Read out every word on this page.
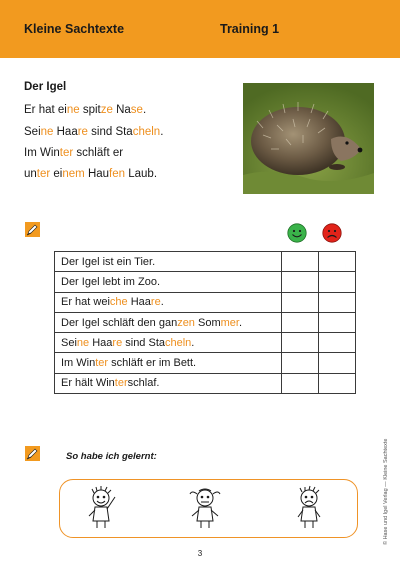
Kleine Sachtexte	Training 1
Der Igel
Er hat eine spitze Nase.
Seine Haare sind Stacheln.
Im Winter schläft er
unter einem Haufen Laub.
Der Igel ist ein Tier.		
Der Igel lebt im Zoo.		
Er hat weiche Haare.		
Der Igel schläft den ganzen Sommer.		
Seine Haare sind Stacheln.		
Im Winter schläft er im Bett.		
Er hält Winterschlaf.		
So habe ich gelernt:
3
© Hase und Igel Verlag — Kleine Sachtexte
